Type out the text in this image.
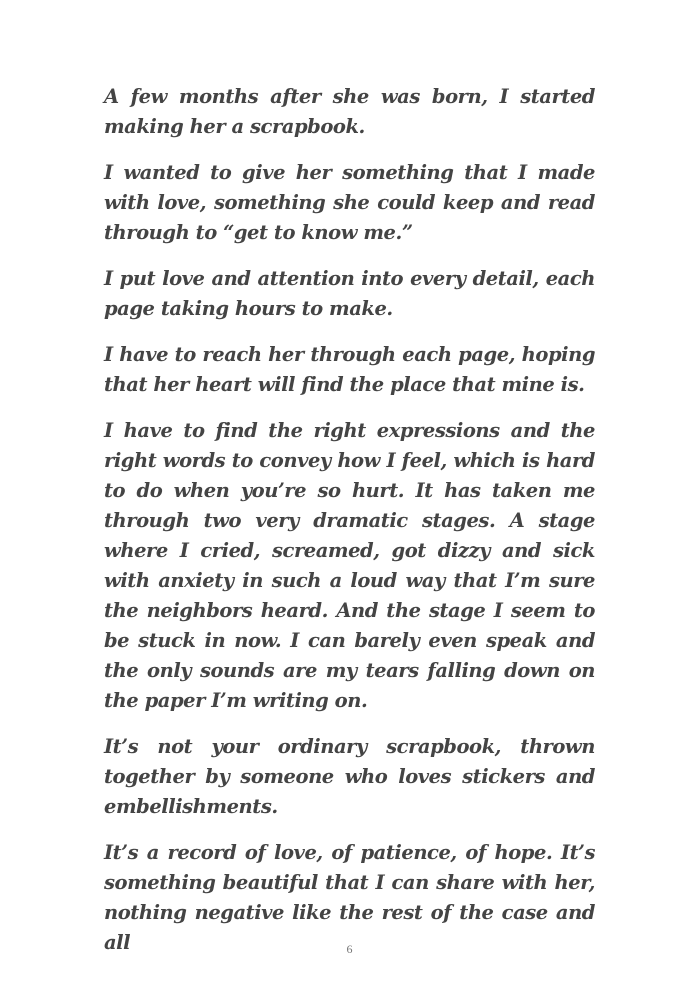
A few months after she was born, I started making her a scrapbook.

I wanted to give her something that I made with love, something she could keep and read through to “get to know me.”

I put love and attention into every detail, each page taking hours to make.

I have to reach her through each page, hoping that her heart will find the place that mine is.

I have to find the right expressions and the right words to convey how I feel, which is hard to do when you’re so hurt. It has taken me through two very dramatic stages. A stage where I cried, screamed, got dizzy and sick with anxiety in such a loud way that I’m sure the neighbors heard. And the stage I seem to be stuck in now. I can barely even speak and the only sounds are my tears falling down on the paper I’m writing on.

It’s not your ordinary scrapbook, thrown together by someone who loves stickers and embellishments.

It’s a record of love, of patience, of hope. It’s something beautiful that I can share with her, nothing negative like the rest of the case and all	6
